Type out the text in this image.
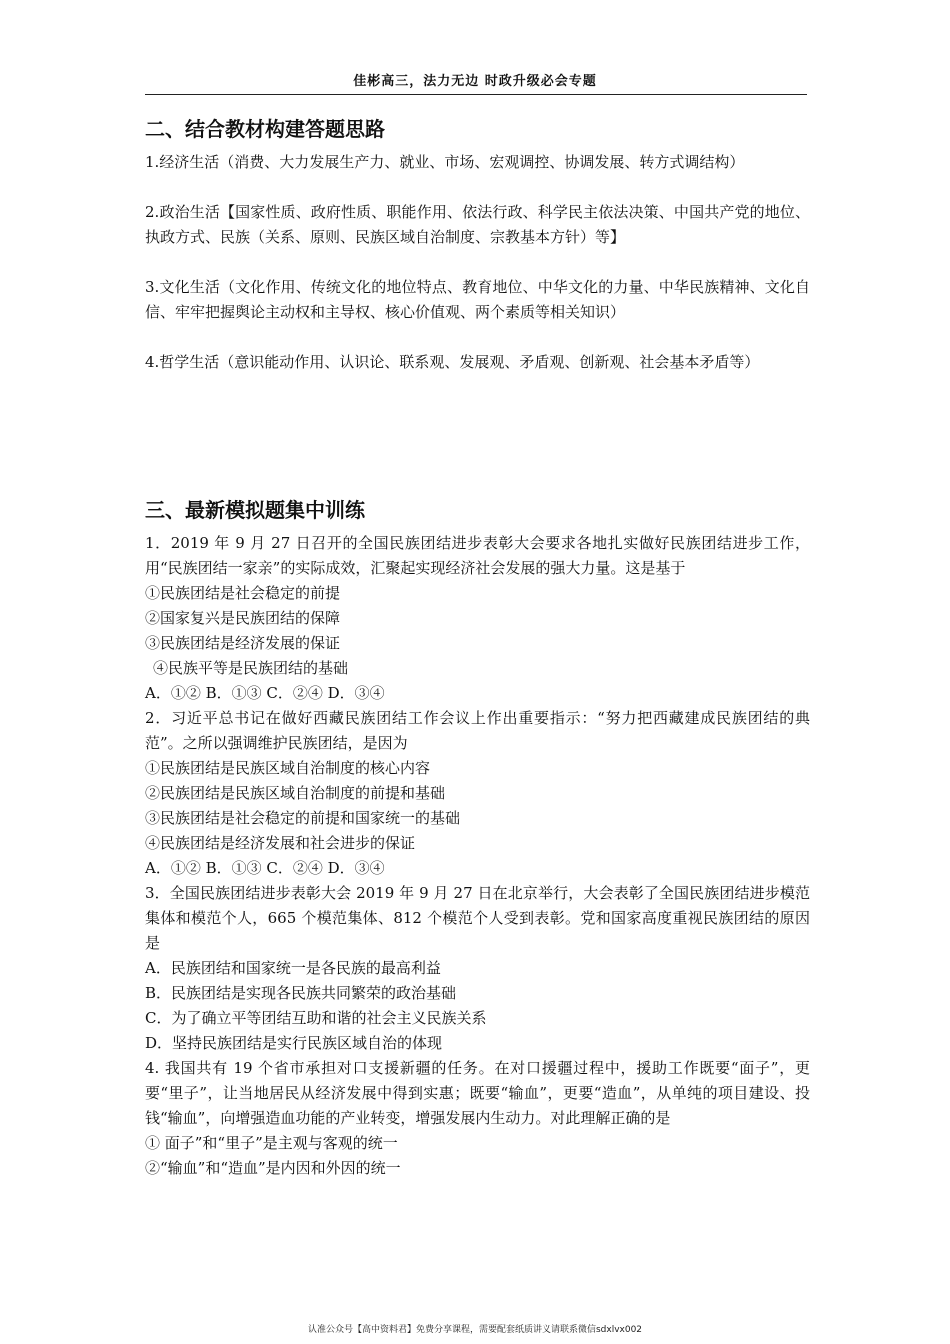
佳彬高三，法力无边 时政升级必会专题
二、结合教材构建答题思路

1.经济生活（消费、大力发展生产力、就业、市场、宏观调控、协调发展、转方式调结构）

2.政治生活【国家性质、政府性质、职能作用、依法行政、科学民主依法决策、中国共产党的地位、执政方式、民族（关系、原则、民族区域自治制度、宗教基本方针）等】

3.文化生活（文化作用、传统文化的地位特点、教育地位、中华文化的力量、中华民族精神、文化自信、牢牢把握舆论主动权和主导权、核心价值观、两个素质等相关知识）

4.哲学生活（意识能动作用、认识论、联系观、发展观、矛盾观、创新观、社会基本矛盾等）

三、最新模拟题集中训练

1．2019 年 9 月 27 日召开的全国民族团结进步表彰大会要求各地扎实做好民族团结进步工作，用“民族团结一家亲”的实际成效，汇聚起实现经济社会发展的强大力量。这是基于

①民族团结是社会稳定的前提

②国家复兴是民族团结的保障

③民族团结是经济发展的保证

④民族平等是民族团结的基础

A．①② B．①③ C．②④ D．③④

2．习近平总书记在做好西藏民族团结工作会议上作出重要指示：“努力把西藏建成民族团结的典范”。之所以强调维护民族团结，是因为

①民族团结是民族区域自治制度的核心内容

②民族团结是民族区域自治制度的前提和基础

③民族团结是社会稳定的前提和国家统一的基础

④民族团结是经济发展和社会进步的保证

A．①② B．①③ C．②④ D．③④

3．全国民族团结进步表彰大会 2019 年 9 月 27 日在北京举行，大会表彰了全国民族团结进步模范集体和模范个人，665 个模范集体、812 个模范个人受到表彰。党和国家高度重视民族团结的原因是

A．民族团结和国家统一是各民族的最高利益

B．民族团结是实现各民族共同繁荣的政治基础

C．为了确立平等团结互助和谐的社会主义民族关系

D．坚持民族团结是实行民族区域自治的体现

4. 我国共有 19 个省市承担对口支援新疆的任务。在对口援疆过程中，援助工作既要“面子”，更要“里子”，让当地居民从经济发展中得到实惠；既要“输血”，更要“造血”，从单纯的项目建设、投钱“输血”，向增强造血功能的产业转变，增强发展内生动力。对此理解正确的是

① 面子”和“里子”是主观与客观的统一

②“输血”和“造血”是内因和外因的统一

认准公众号【高中资料君】免费分享课程，需要配套纸质讲义请联系微信sdxlvx002
